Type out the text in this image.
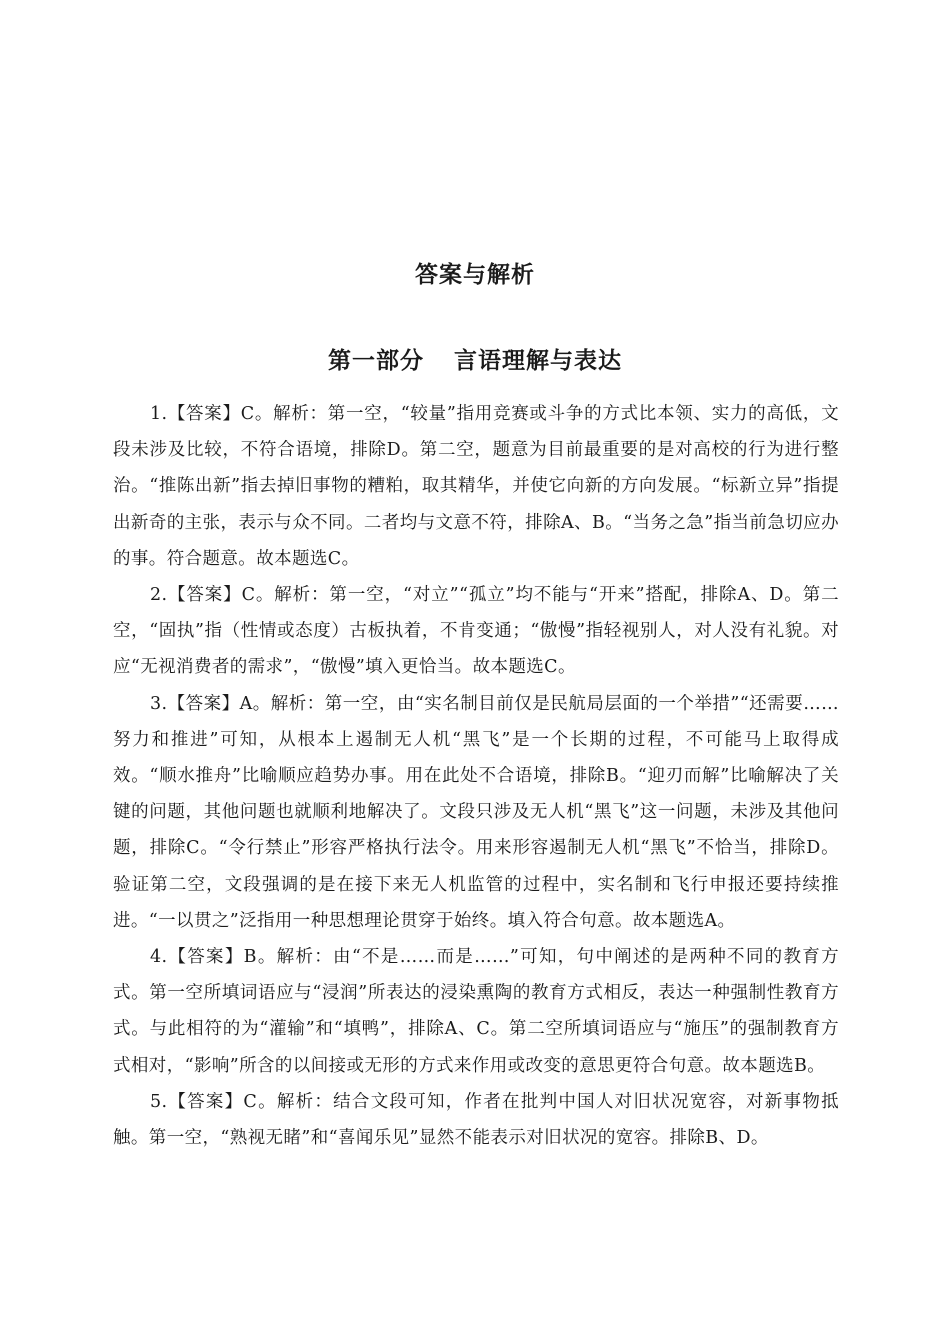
答案与解析
第一部分 言语理解与表达

1.【答案】C。解析：第一空，“较量”指用竞赛或斗争的方式比本领、实力的高低，文段未涉及比较，不符合语境，排除D。第二空，题意为目前最重要的是对高校的行为进行整治。“推陈出新”指去掉旧事物的糟粕，取其精华，并使它向新的方向发展。“标新立异”指提出新奇的主张，表示与众不同。二者均与文意不符，排除A、B。“当务之急”指当前急切应办的事。符合题意。故本题选C。

2.【答案】C。解析：第一空，“对立”“孤立”均不能与“开来”搭配，排除A、D。第二空，“固执”指（性情或态度）古板执着，不肯变通；“傲慢”指轻视别人，对人没有礼貌。对应“无视消费者的需求”，“傲慢”填入更恰当。故本题选C。

3.【答案】A。解析：第一空，由“实名制目前仅是民航局层面的一个举措”“还需要……努力和推进”可知，从根本上遏制无人机“黑飞”是一个长期的过程，不可能马上取得成效。“顺水推舟”比喻顺应趋势办事。用在此处不合语境，排除B。“迎刃而解”比喻解决了关键的问题，其他问题也就顺利地解决了。文段只涉及无人机“黑飞”这一问题，未涉及其他问题，排除C。“令行禁止”形容严格执行法令。用来形容遏制无人机“黑飞”不恰当，排除D。验证第二空，文段强调的是在接下来无人机监管的过程中，实名制和飞行申报还要持续推进。“一以贯之”泛指用一种思想理论贯穿于始终。填入符合句意。故本题选A。

4.【答案】B。解析：由“不是……而是……”可知，句中阐述的是两种不同的教育方式。第一空所填词语应与“浸润”所表达的浸染熏陶的教育方式相反，表达一种强制性教育方式。与此相符的为“灌输”和“填鸭”，排除A、C。第二空所填词语应与“施压”的强制教育方式相对，“影响”所含的以间接或无形的方式来作用或改变的意思更符合句意。故本题选B。

5.【答案】C。解析：结合文段可知，作者在批判中国人对旧状况宽容，对新事物抵触。第一空，“熟视无睹”和“喜闻乐见”显然不能表示对旧状况的宽容。排除B、D。
